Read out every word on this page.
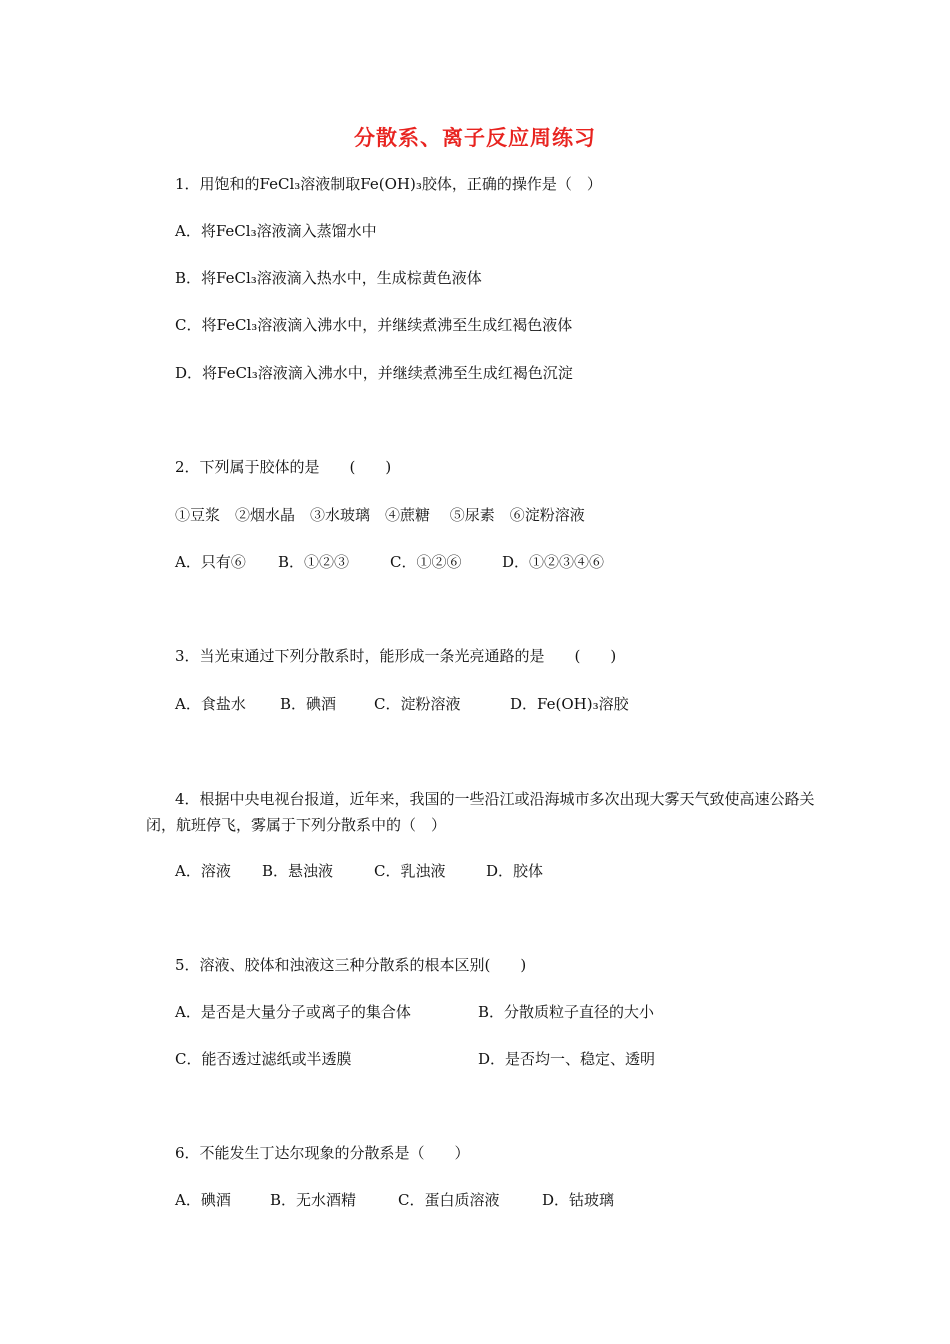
分散系、离子反应周练习
1．用饱和的FeCl₃溶液制取Fe(OH)₃胶体，正确的操作是（　）
A．将FeCl₃溶液滴入蒸馏水中
B．将FeCl₃溶液滴入热水中，生成棕黄色液体
C．将FeCl₃溶液滴入沸水中，并继续煮沸至生成红褐色液体
D．将FeCl₃溶液滴入沸水中，并继续煮沸至生成红褐色沉淀
2．下列属于胶体的是　　(　　)
①豆浆　②烟水晶　③水玻璃　④蔗糖　 ⑤尿素　⑥淀粉溶液
A．只有⑥ B．①②③	C．①②⑥	D．①②③④⑥
3．当光束通过下列分散系时，能形成一条光亮通路的是　　(　　)
A．食盐水 B．碘酒	C．淀粉溶液	D．Fe(OH)₃溶胶
4．根据中央电视台报道，近年来，我国的一些沿江或沿海城市多次出现大雾天气致使高速公路关闭，航班停飞，雾属于下列分散系中的（　）
A．溶液 B．悬浊液	C．乳浊液	D．胶体
5．溶液、胶体和浊液这三种分散系的根本区别(　　)
A．是否是大量分子或离子的集合体	B．分散质粒子直径的大小
C．能否透过滤纸或半透膜	D．是否均一、稳定、透明
6．不能发生丁达尔现象的分散系是（　　）
A．碘酒	B．无水酒精	C．蛋白质溶液	D．钴玻璃
